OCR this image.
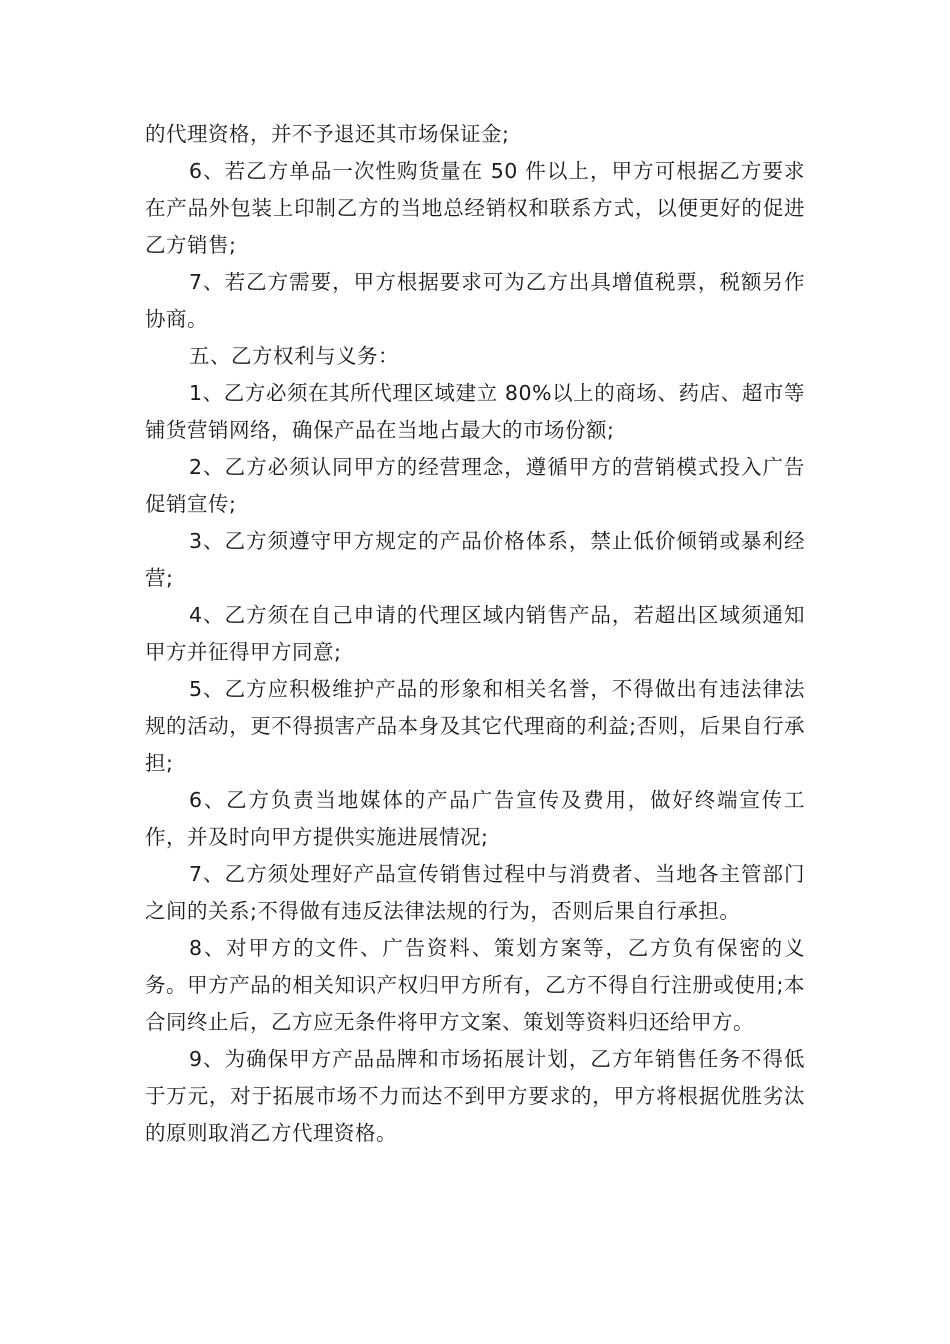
的代理资格，并不予退还其市场保证金;

6、若乙方单品一次性购货量在 50 件以上，甲方可根据乙方要求在产品外包装上印制乙方的当地总经销权和联系方式，以便更好的促进乙方销售;

7、若乙方需要，甲方根据要求可为乙方出具增值税票，税额另作协商。

五、乙方权利与义务：

1、乙方必须在其所代理区域建立 80%以上的商场、药店、超市等铺货营销网络，确保产品在当地占最大的市场份额;

2、乙方必须认同甲方的经营理念，遵循甲方的营销模式投入广告促销宣传;

3、乙方须遵守甲方规定的产品价格体系，禁止低价倾销或暴利经营;

4、乙方须在自己申请的代理区域内销售产品，若超出区域须通知甲方并征得甲方同意;

5、乙方应积极维护产品的形象和相关名誉，不得做出有违法律法规的活动，更不得损害产品本身及其它代理商的利益;否则，后果自行承担;

6、乙方负责当地媒体的产品广告宣传及费用，做好终端宣传工作，并及时向甲方提供实施进展情况;

7、乙方须处理好产品宣传销售过程中与消费者、当地各主管部门之间的关系;不得做有违反法律法规的行为，否则后果自行承担。

8、对甲方的文件、广告资料、策划方案等，乙方负有保密的义务。甲方产品的相关知识产权归甲方所有，乙方不得自行注册或使用;本合同终止后，乙方应无条件将甲方文案、策划等资料归还给甲方。

9、为确保甲方产品品牌和市场拓展计划，乙方年销售任务不得低于万元，对于拓展市场不力而达不到甲方要求的，甲方将根据优胜劣汰的原则取消乙方代理资格。
